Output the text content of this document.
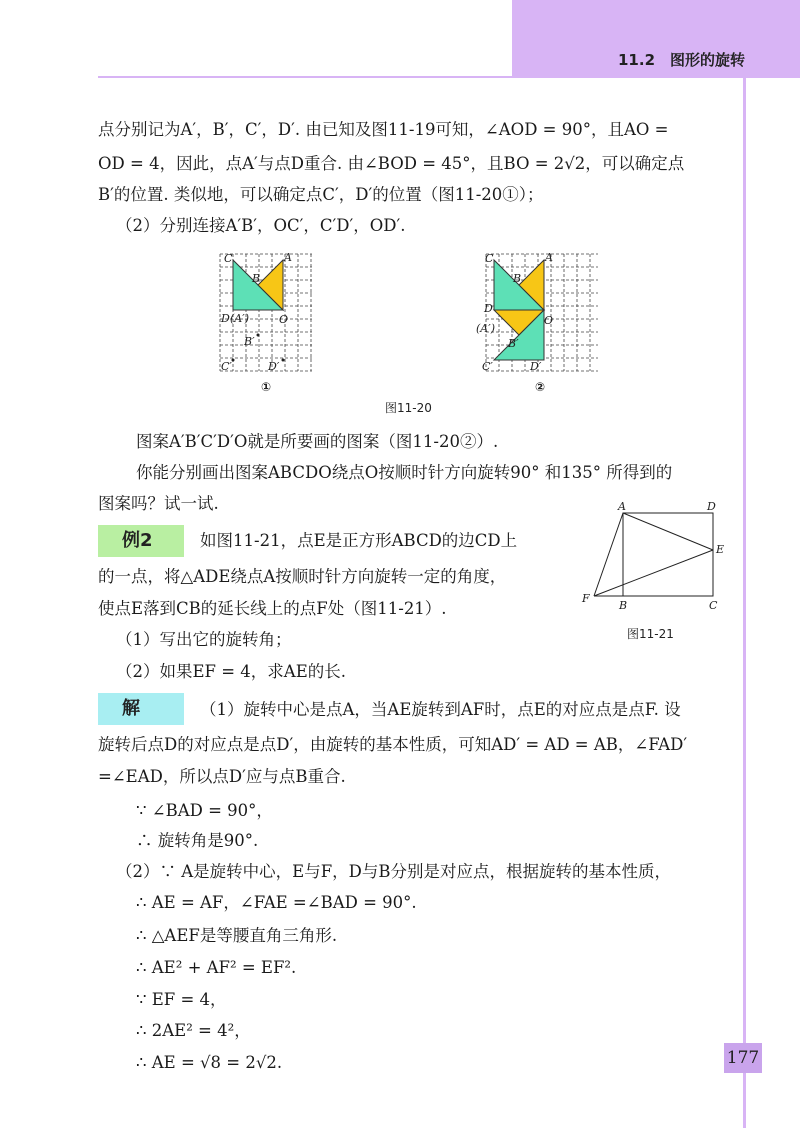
11.2　图形的旋转
点分别记为A′，B′，C′，D′. 由已知及图11-19可知，∠AOD = 90°，且AO =
OD = 4，因此，点A′与点D重合. 由∠BOD = 45°，且BO = 2√2，可以确定点
B′的位置. 类似地，可以确定点C′，D′的位置（图11-20①）；
（2）分别连接A′B′，OC′，C′D′，OD′.
C	A
B
D (A′)	O
B′
C′	D′
①
C	A
B
D
O
(A′)
B′
C′	D′
②
图11-20
图案A′B′C′D′O就是所要画的图案（图11-20②）.
你能分别画出图案ABCDO绕点O按顺时针方向旋转90° 和135° 所得到的
图案吗？试一试.
例2	如图11-21，点E是正方形ABCD的边CD上
的一点，将△ADE绕点A按顺时针方向旋转一定的角度，
使点E落到CB的延长线上的点F处（图11-21）.
（1）写出它的旋转角；
（2）如果EF = 4，求AE的长.
A	D
E
F
B	C
图11-21
解	（1）旋转中心是点A，当AE旋转到AF时，点E的对应点是点F. 设
旋转后点D的对应点是点D′，由旋转的基本性质，可知AD′ = AD = AB，∠FAD′
=∠EAD，所以点D′应与点B重合.
∵ ∠BAD = 90°，
∴ 旋转角是90°.
（2）∵ A是旋转中心，E与F，D与B分别是对应点，根据旋转的基本性质，
∴ AE = AF，∠FAE =∠BAD = 90°.
∴ △AEF是等腰直角三角形.
∴ AE² + AF² = EF².
∵ EF = 4，
∴ 2AE² = 4²，
∴ AE = √8 = 2√2.	177
